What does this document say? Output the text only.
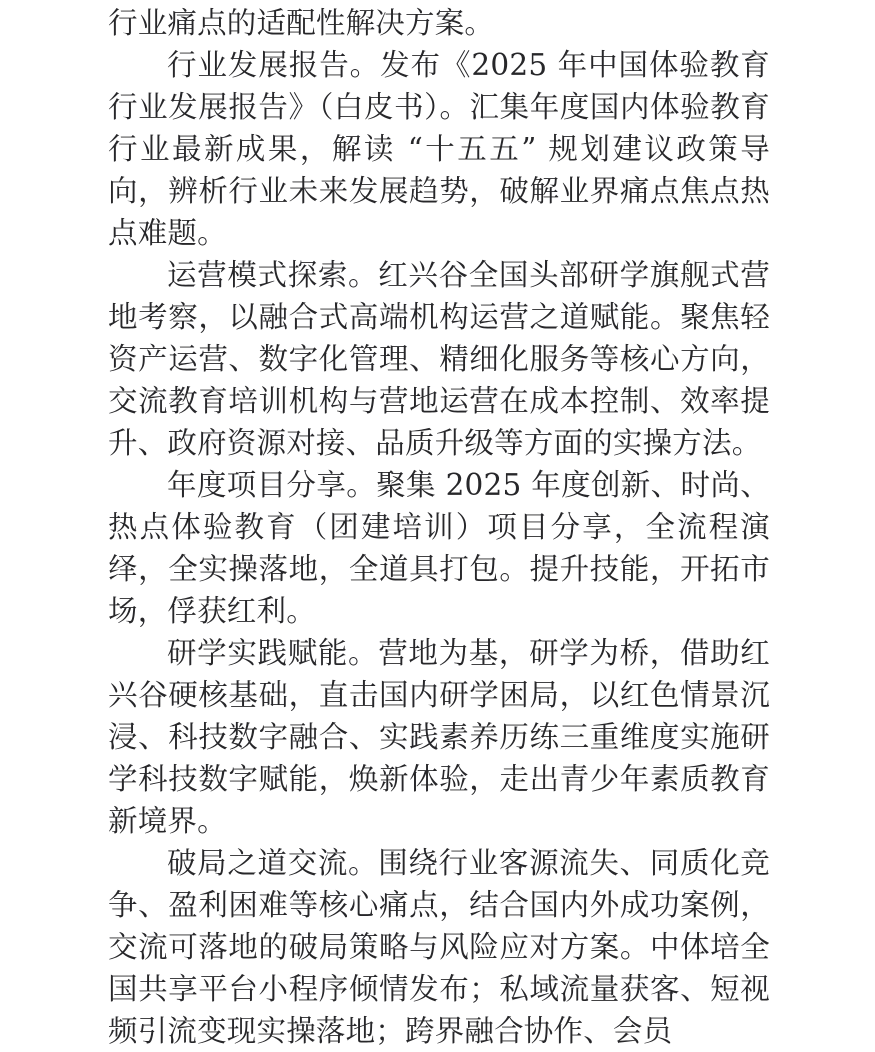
行业痛点的适配性解决方案。

行业发展报告。发布《2025 年中国体验教育行业发展报告》（白皮书）。汇集年度国内体验教育行业最新成果，解读 “十五五” 规划建议政策导向，辨析行业未来发展趋势，破解业界痛点焦点热点难题。

运营模式探索。红兴谷全国头部研学旗舰式营地考察，以融合式高端机构运营之道赋能。聚焦轻资产运营、数字化管理、精细化服务等核心方向，交流教育培训机构与营地运营在成本控制、效率提升、政府资源对接、品质升级等方面的实操方法。

年度项目分享。聚集 2025 年度创新、时尚、热点体验教育（团建培训）项目分享，全流程演绎，全实操落地，全道具打包。提升技能，开拓市场，俘获红利。

研学实践赋能。营地为基，研学为桥，借助红兴谷硬核基础，直击国内研学困局，以红色情景沉浸、科技数字融合、实践素养历练三重维度实施研学科技数字赋能，焕新体验，走出青少年素质教育新境界。

破局之道交流。围绕行业客源流失、同质化竞争、盈利困难等核心痛点，结合国内外成功案例，交流可落地的破局策略与风险应对方案。中体培全国共享平台小程序倾情发布；私域流量获客、短视频引流变现实操落地；跨界融合协作、会员
